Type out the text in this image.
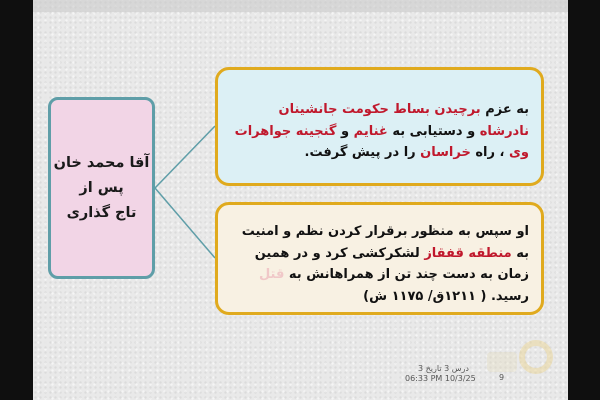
آقا محمد خان
پس از
تاج گذاری
به عزم برچیدن بساط حکومت جانشینان نادرشاه و دستیابی به غنایم و گنجینه جواهرات وی ، راه خراسان را در پیش گرفت.
او سپس به منظور برقرار کردن نظم و امنیت به منطقه قفقاز لشکرکشی کرد و در همین زمان به دست چند تن از همراهانش به قتل رسید. ( ۱۲۱۱ق/ ۱۱۷۵ ش)
درس 3 تاریخ 3
06:33 PM 10/3/25	9
